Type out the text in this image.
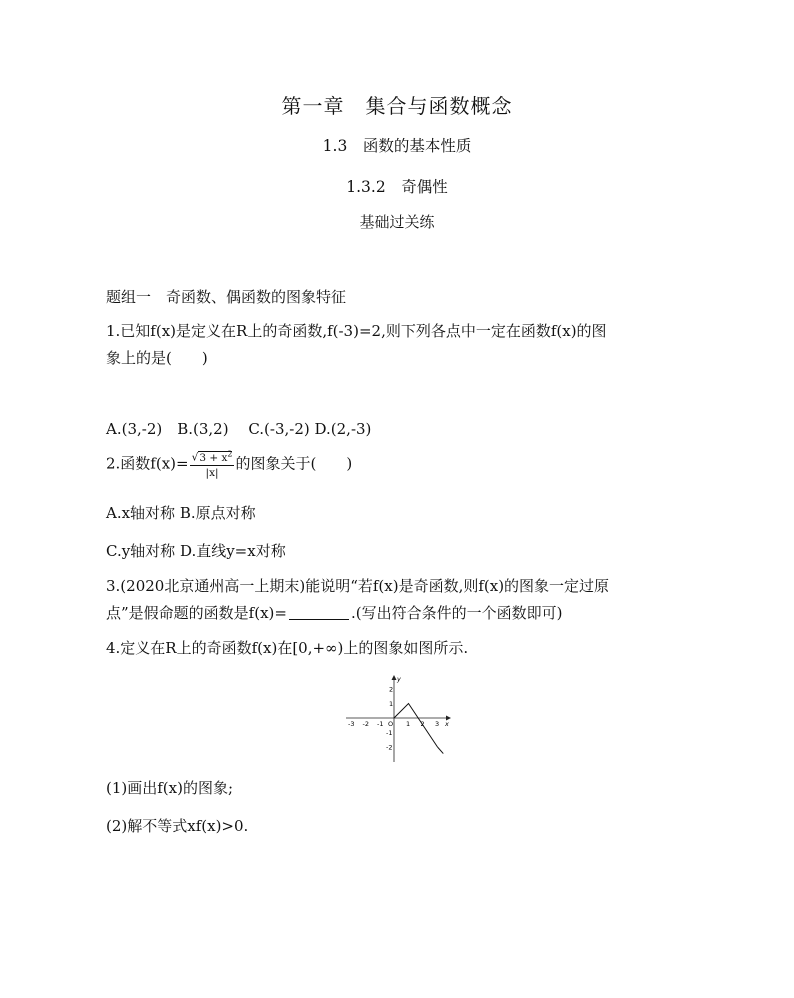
第一章　集合与函数概念
1.3　函数的基本性质
1.3.2　奇偶性
基础过关练
题组一　奇函数、偶函数的图象特征
1.已知f(x)是定义在R上的奇函数,f(-3)=2,则下列各点中一定在函数f(x)的图
象上的是(　　)
A.(3,-2)　B.(3,2)　 C.(-3,-2) D.(2,-3)
2.函数$f(x)= \frac{√3 + x^2}{|x|}$ 的图象关于(　　)
A.x轴对称 B.原点对称
C.y轴对称 D.直线y=x对称
3.(2020北京通州高一上期末)能说明“若f(x)是奇函数,则f(x)的图象一定过原
点”是假命题的函数是f(x)=	.(写出符合条件的一个函数即可)
4.定义在R上的奇函数f(x)在[0,+∞)上的图象如图所示.
x
y
-3 -2 -1 O 1 2 3
2
1
-1
-2
(1)画出f(x)的图象;
(2)解不等式xf(x)>0.
